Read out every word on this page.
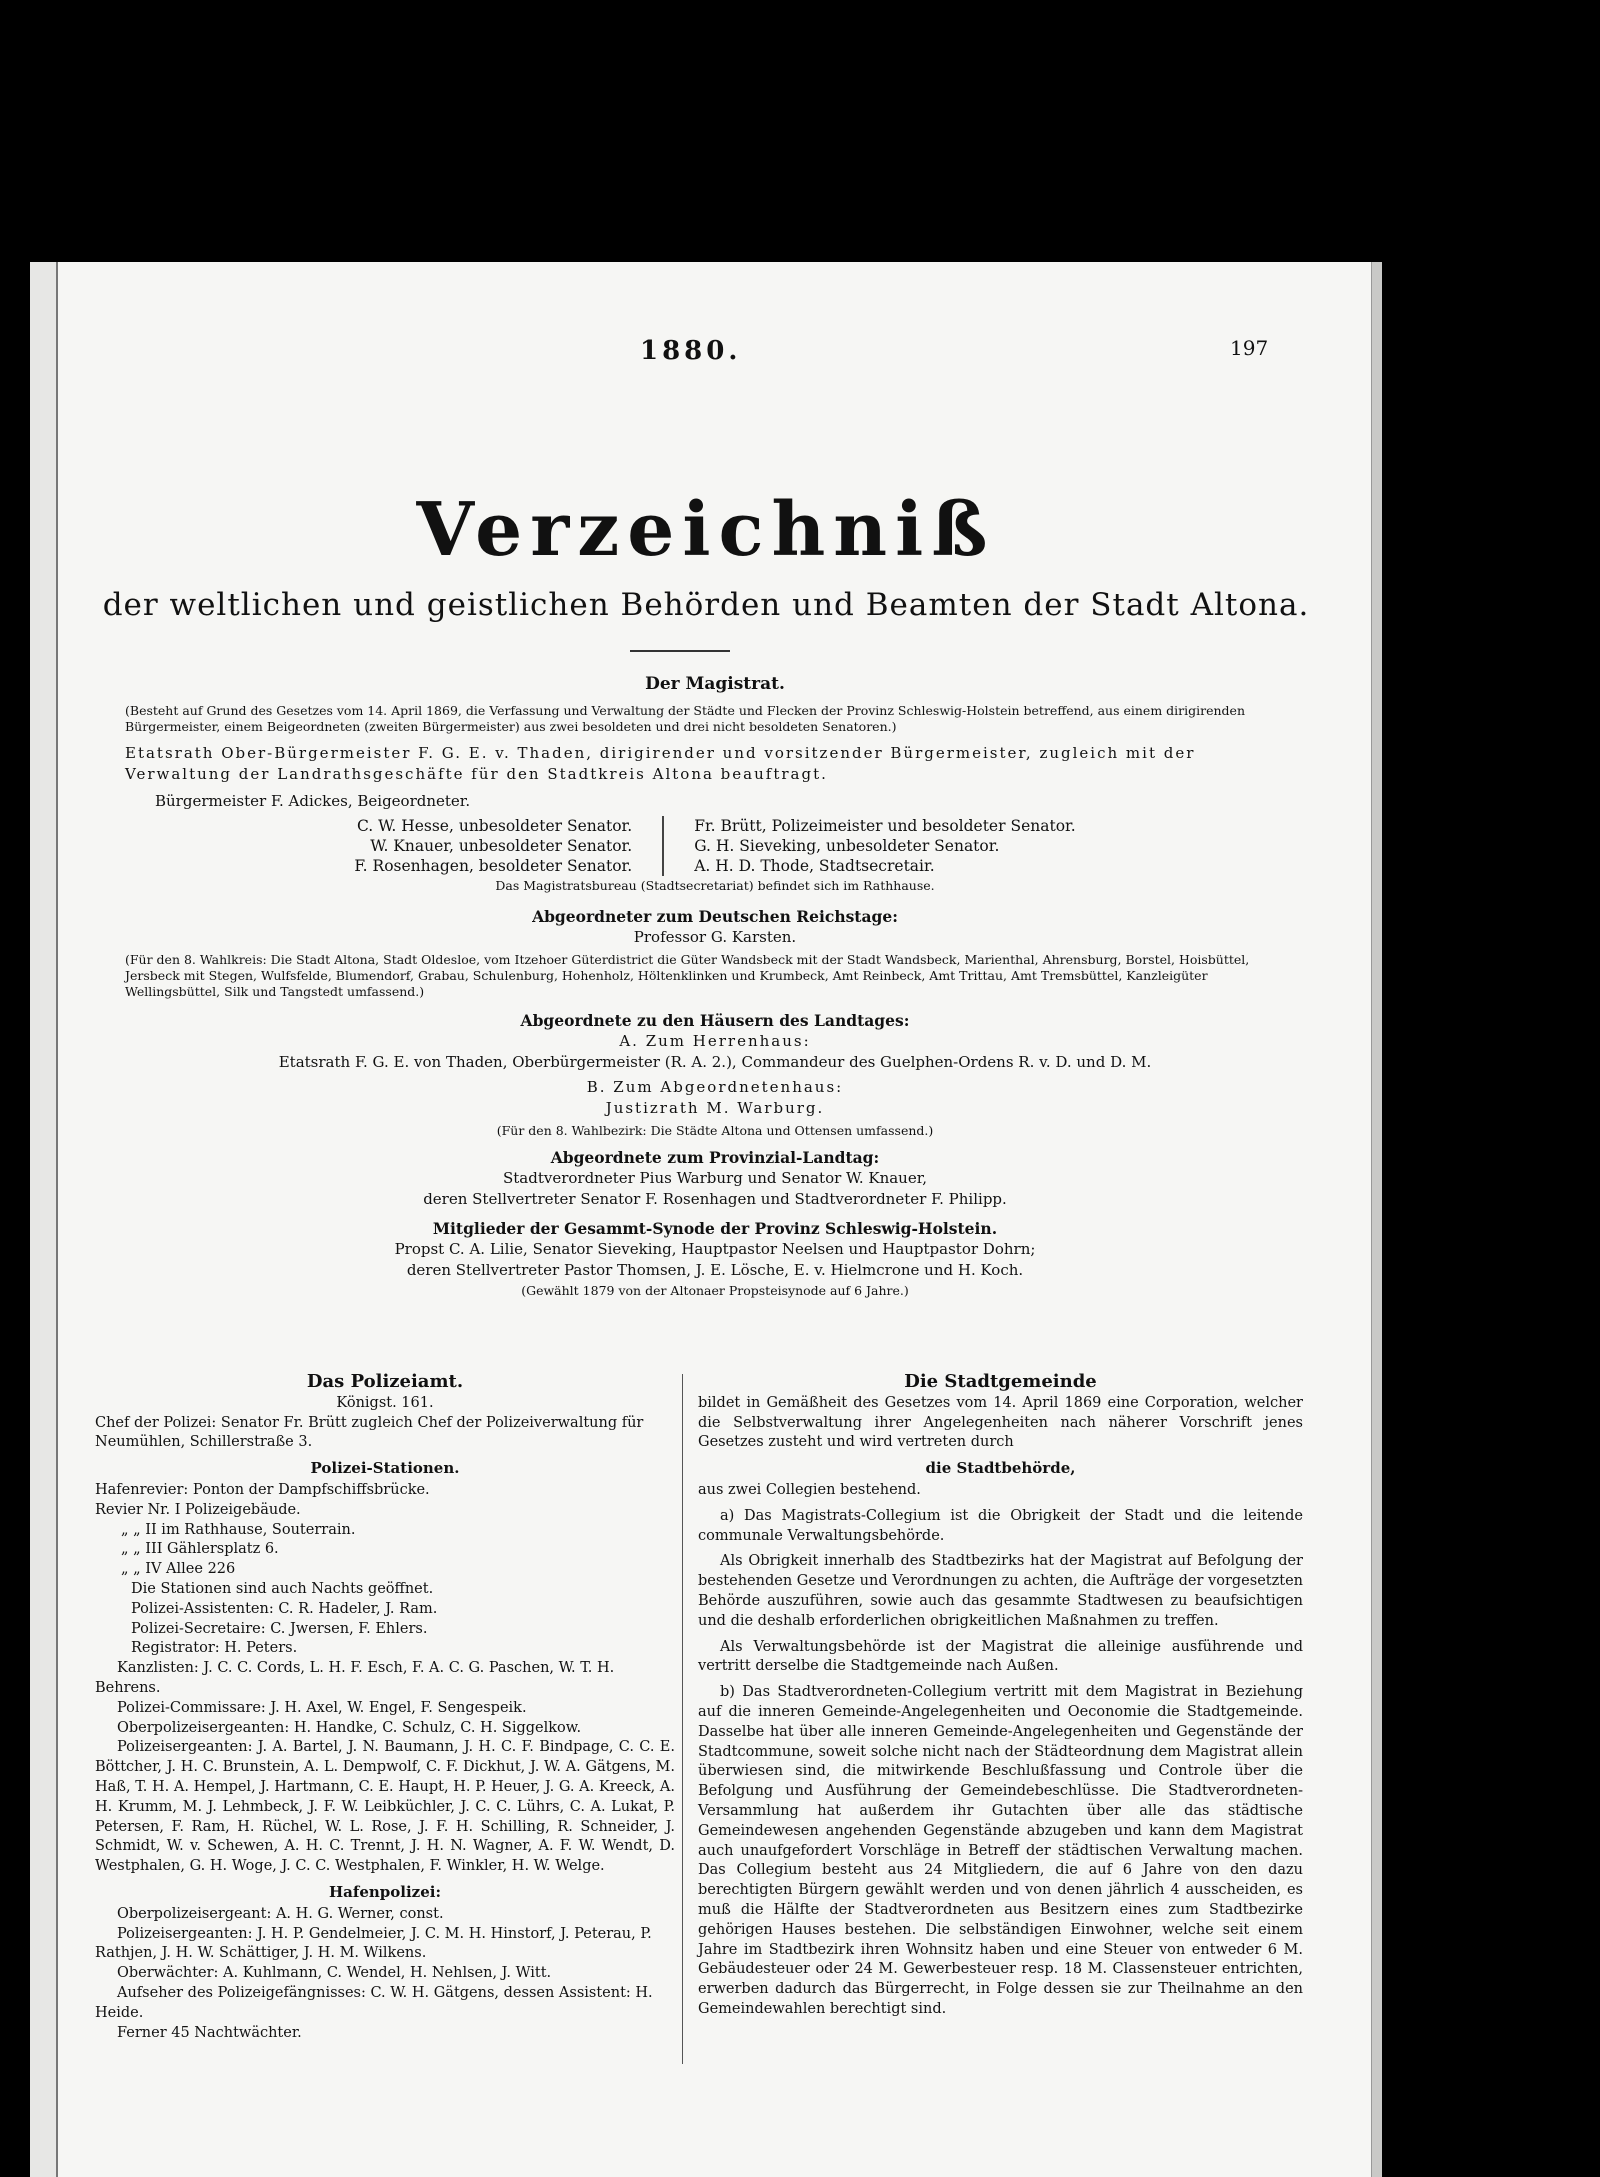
1880.	197
Verzeichniß
der weltlichen und geistlichen Behörden und Beamten der Stadt Altona.
Der Magistrat.

(Besteht auf Grund des Gesetzes vom 14. April 1869, die Verfassung und Verwaltung der Städte und Flecken der Provinz Schleswig-Holstein betreffend, aus einem dirigirenden Bürgermeister, einem Beigeordneten (zweiten Bürgermeister) aus zwei besoldeten und drei nicht besoldeten Senatoren.)

Etatsrath Ober-Bürgermeister F. G. E. v. Thaden, dirigirender und vorsitzender Bürgermeister, zugleich mit der Verwaltung der Landrathsgeschäfte für den Stadtkreis Altona beauftragt.

Bürgermeister F. Adickes, Beigeordneter.

C. W. Hesse, unbesoldeter Senator.
W. Knauer, unbesoldeter Senator.
F. Rosenhagen, besoldeter Senator.
Fr. Brütt, Polizeimeister und besoldeter Senator.
G. H. Sieveking, unbesoldeter Senator.
A. H. D. Thode, Stadtsecretair.

Das Magistratsbureau (Stadtsecretariat) befindet sich im Rathhause.

Abgeordneter zum Deutschen Reichstage:

Professor G. Karsten.

(Für den 8. Wahlkreis: Die Stadt Altona, Stadt Oldesloe, vom Itzehoer Güterdistrict die Güter Wandsbeck mit der Stadt Wandsbeck, Marienthal, Ahrensburg, Borstel, Hoisbüttel, Jersbeck mit Stegen, Wulfsfelde, Blumendorf, Grabau, Schulenburg, Hohenholz, Höltenklinken und Krumbeck, Amt Reinbeck, Amt Trittau, Amt Tremsbüttel, Kanzleigüter Wellingsbüttel, Silk und Tangstedt umfassend.)

Abgeordnete zu den Häusern des Landtages:

A. Zum Herrenhaus:

Etatsrath F. G. E. von Thaden, Oberbürgermeister (R. A. 2.), Commandeur des Guelphen-Ordens R. v. D. und D. M.

B. Zum Abgeordnetenhaus:

Justizrath M. Warburg.

(Für den 8. Wahlbezirk: Die Städte Altona und Ottensen umfassend.)

Abgeordnete zum Provinzial-Landtag:

Stadtverordneter Pius Warburg und Senator W. Knauer,

deren Stellvertreter Senator F. Rosenhagen und Stadtverordneter F. Philipp.

Mitglieder der Gesammt-Synode der Provinz Schleswig-Holstein.

Propst C. A. Lilie, Senator Sieveking, Hauptpastor Neelsen und Hauptpastor Dohrn;

deren Stellvertreter Pastor Thomsen, J. E. Lösche, E. v. Hielmcrone und H. Koch.

(Gewählt 1879 von der Altonaer Propsteisynode auf 6 Jahre.)

Das Polizeiamt.

Königst. 161.

Chef der Polizei: Senator Fr. Brütt zugleich Chef der Polizeiverwaltung für Neumühlen, Schillerstraße 3.

Polizei-Stationen.

Hafenrevier: Ponton der Dampfschiffsbrücke.

Revier Nr. I Polizeigebäude.

„ „ II im Rathhause, Souterrain.

„ „ III Gählersplatz 6.

„ „ IV Allee 226

Die Stationen sind auch Nachts geöffnet.

Polizei-Assistenten: C. R. Hadeler, J. Ram.

Polizei-Secretaire: C. Jwersen, F. Ehlers.

Registrator: H. Peters.

Kanzlisten: J. C. C. Cords, L. H. F. Esch, F. A. C. G. Paschen, W. T. H. Behrens.

Polizei-Commissare: J. H. Axel, W. Engel, F. Sengespeik.

Oberpolizeisergeanten: H. Handke, C. Schulz, C. H. Siggelkow.

Polizeisergeanten: J. A. Bartel, J. N. Baumann, J. H. C. F. Bindpage, C. C. E. Böttcher, J. H. C. Brunstein, A. L. Dempwolf, C. F. Dickhut, J. W. A. Gätgens, M. Haß, T. H. A. Hempel, J. Hartmann, C. E. Haupt, H. P. Heuer, J. G. A. Kreeck, A. H. Krumm, M. J. Lehmbeck, J. F. W. Leibküchler, J. C. C. Lührs, C. A. Lukat, P. Petersen, F. Ram, H. Rüchel, W. L. Rose, J. F. H. Schilling, R. Schneider, J. Schmidt, W. v. Schewen, A. H. C. Trennt, J. H. N. Wagner, A. F. W. Wendt, D. Westphalen, G. H. Woge, J. C. C. Westphalen, F. Winkler, H. W. Welge.

Hafenpolizei:

Oberpolizeisergeant: A. H. G. Werner, const.

Polizeisergeanten: J. H. P. Gendelmeier, J. C. M. H. Hinstorf, J. Peterau, P. Rathjen, J. H. W. Schättiger, J. H. M. Wilkens.

Oberwächter: A. Kuhlmann, C. Wendel, H. Nehlsen, J. Witt.

Aufseher des Polizeigefängnisses: C. W. H. Gätgens, dessen Assistent: H. Heide.

Ferner 45 Nachtwächter.

Die Stadtgemeinde

bildet in Gemäßheit des Gesetzes vom 14. April 1869 eine Corporation, welcher die Selbstverwaltung ihrer Angelegenheiten nach näherer Vorschrift jenes Gesetzes zusteht und wird vertreten durch

die Stadtbehörde,

aus zwei Collegien bestehend.

a) Das Magistrats-Collegium ist die Obrigkeit der Stadt und die leitende communale Verwaltungsbehörde.

Als Obrigkeit innerhalb des Stadtbezirks hat der Magistrat auf Befolgung der bestehenden Gesetze und Verordnungen zu achten, die Aufträge der vorgesetzten Behörde auszuführen, sowie auch das gesammte Stadtwesen zu beaufsichtigen und die deshalb erforderlichen obrigkeitlichen Maßnahmen zu treffen.

Als Verwaltungsbehörde ist der Magistrat die alleinige ausführende und vertritt derselbe die Stadtgemeinde nach Außen.

b) Das Stadtverordneten-Collegium vertritt mit dem Magistrat in Beziehung auf die inneren Gemeinde-Angelegenheiten und Oeconomie die Stadtgemeinde. Dasselbe hat über alle inneren Gemeinde-Angelegenheiten und Gegenstände der Stadtcommune, soweit solche nicht nach der Städteordnung dem Magistrat allein überwiesen sind, die mitwirkende Beschlußfassung und Controle über die Befolgung und Ausführung der Gemeindebeschlüsse. Die Stadtverordneten-Versammlung hat außerdem ihr Gutachten über alle das städtische Gemeindewesen angehenden Gegenstände abzugeben und kann dem Magistrat auch unaufgefordert Vorschläge in Betreff der städtischen Verwaltung machen. Das Collegium besteht aus 24 Mitgliedern, die auf 6 Jahre von den dazu berechtigten Bürgern gewählt werden und von denen jährlich 4 ausscheiden, es muß die Hälfte der Stadtverordneten aus Besitzern eines zum Stadtbezirke gehörigen Hauses bestehen. Die selbständigen Einwohner, welche seit einem Jahre im Stadtbezirk ihren Wohnsitz haben und eine Steuer von entweder 6 M. Gebäudesteuer oder 24 M. Gewerbesteuer resp. 18 M. Classensteuer entrichten, erwerben dadurch das Bürgerrecht, in Folge dessen sie zur Theilnahme an den Gemeindewahlen berechtigt sind.
